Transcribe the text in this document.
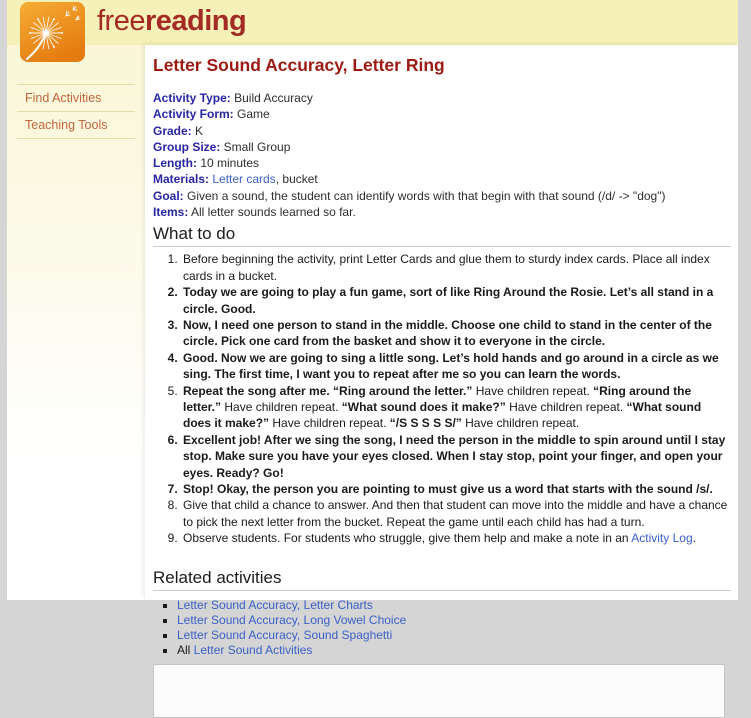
freereading
Find Activities
Teaching Tools
Letter Sound Accuracy, Letter Ring
Activity Type: Build Accuracy
Activity Form: Game
Grade: K
Group Size: Small Group
Length: 10 minutes
Materials: Letter cards, bucket
Goal: Given a sound, the student can identify words with that begin with that sound (/d/ -> "dog")
Items: All letter sounds learned so far.
What to do
1. Before beginning the activity, print Letter Cards and glue them to sturdy index cards. Place all index cards in a bucket.
2. Today we are going to play a fun game, sort of like Ring Around the Rosie. Let’s all stand in a circle. Good.
3. Now, I need one person to stand in the middle. Choose one child to stand in the center of the circle. Pick one card from the basket and show it to everyone in the circle.
4. Good. Now we are going to sing a little song. Let’s hold hands and go around in a circle as we sing. The first time, I want you to repeat after me so you can learn the words.
5. Repeat the song after me. “Ring around the letter.” Have children repeat. “Ring around the letter.” Have children repeat. “What sound does it make?” Have children repeat. “What sound does it make?” Have children repeat. “/S S S S S/” Have children repeat.
6. Excellent job! After we sing the song, I need the person in the middle to spin around until I stay stop. Make sure you have your eyes closed. When I stay stop, point your finger, and open your eyes. Ready? Go!
7. Stop! Okay, the person you are pointing to must give us a word that starts with the sound /s/.
8. Give that child a chance to answer. And then that student can move into the middle and have a chance to pick the next letter from the bucket. Repeat the game until each child has had a turn.
9. Observe students. For students who struggle, give them help and make a note in an Activity Log.
Related activities
▪ Letter Sound Accuracy, Letter Charts
▪ Letter Sound Accuracy, Long Vowel Choice
▪ Letter Sound Accuracy, Sound Spaghetti
▪ All Letter Sound Activities
